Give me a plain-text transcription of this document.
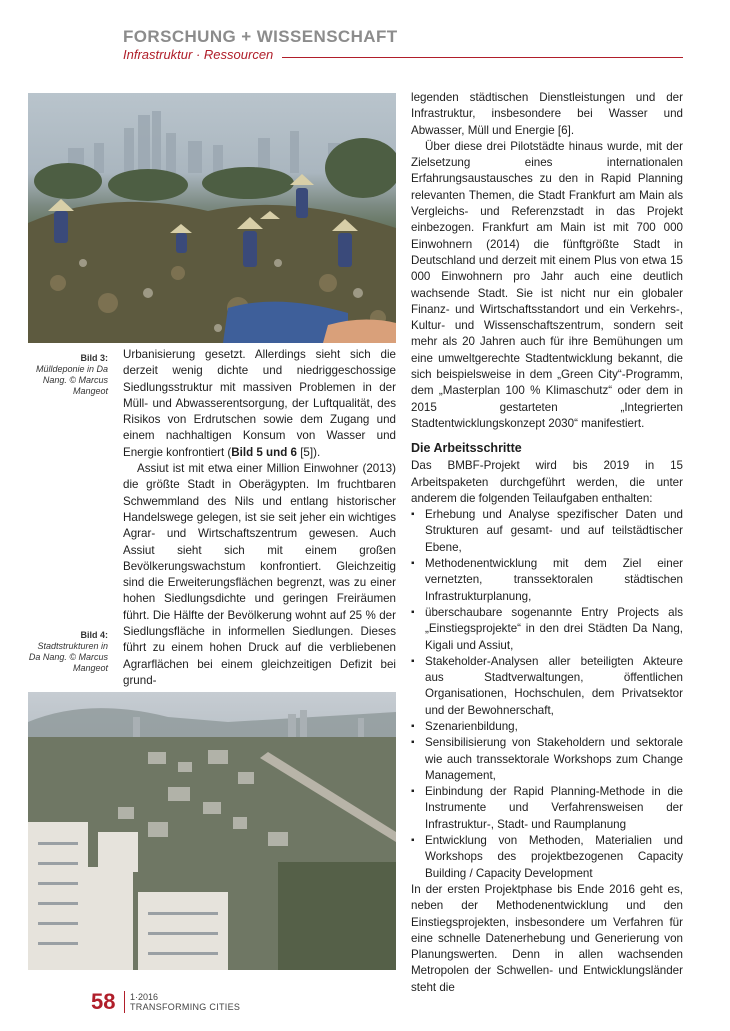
FORSCHUNG + WISSENSCHAFT
Infrastruktur · Ressourcen
Bild 3:
Mülldeponie in Da Nang. © Marcus Mangeot
Bild 4:
Stadtstrukturen in Da Nang. © Marcus Mangeot

Urbanisierung gesetzt. Allerdings sieht sich die derzeit wenig dichte und niedriggeschossige Siedlungsstruktur mit massiven Problemen in der Müll- und Abwasserentsorgung, der Luftqualität, des Risikos von Erdrutschen sowie dem Zugang und einem nachhaltigen Konsum von Wasser und Energie konfrontiert (Bild 5 und 6 [5]).

Assiut ist mit etwa einer Million Einwohner (2013) die größte Stadt in Oberägypten. Im fruchtbaren Schwemmland des Nils und entlang historischer Handelswege gelegen, ist sie seit jeher ein wichtiges Agrar- und Wirtschaftszentrum gewesen. Auch Assiut sieht sich mit einem großen Bevölkerungswachstum konfrontiert. Gleichzeitig sind die Erweiterungsflächen begrenzt, was zu einer hohen Siedlungsdichte und geringen Freiräumen führt. Die Hälfte der Bevölkerung wohnt auf 25 % der Siedlungsfläche in informellen Siedlungen. Dieses führt zu einem hohen Druck auf die verbliebenen Agrarflächen bei einem gleichzeitigen Defizit bei grund-

legenden städtischen Dienstleistungen und der Infrastruktur, insbesondere bei Wasser und Abwasser, Müll und Energie [6].

Über diese drei Pilotstädte hinaus wurde, mit der Zielsetzung eines internationalen Erfahrungsaustausches zu den in Rapid Planning relevanten Themen, die Stadt Frankfurt am Main als Vergleichs- und Referenzstadt in das Projekt einbezogen. Frankfurt am Main ist mit 700 000 Einwohnern (2014) die fünftgrößte Stadt in Deutschland und derzeit mit einem Plus von etwa 15 000 Einwohnern pro Jahr auch eine deutlich wachsende Stadt. Sie ist nicht nur ein globaler Finanz- und Wirtschaftsstandort und ein Verkehrs-, Kultur- und Wissenschaftszentrum, sondern seit mehr als 20 Jahren auch für ihre Bemühungen um eine umweltgerechte Stadtentwicklung bekannt, die sich beispielsweise in dem „Green City“-Programm, dem „Masterplan 100 % Klimaschutz“ oder dem in 2015 gestarteten „Integrierten Stadtentwicklungskonzept 2030“ manifestiert.

Die Arbeitsschritte

Das BMBF-Projekt wird bis 2019 in 15 Arbeitspaketen durchgeführt werden, die unter anderem die folgenden Teilaufgaben enthalten:

▪ Erhebung und Analyse spezifischer Daten und Strukturen auf gesamt- und auf teilstädtischer Ebene,
▪ Methodenentwicklung mit dem Ziel einer vernetzten, transsektoralen städtischen Infrastrukturplanung,
▪ überschaubare sogenannte Entry Projects als „Einstiegsprojekte“ in den drei Städten Da Nang, Kigali und Assiut,
▪ Stakeholder-Analysen aller beteiligten Akteure aus Stadtverwaltungen, öffentlichen Organisationen, Hochschulen, dem Privatsektor und der Bewohnerschaft,
▪ Szenarienbildung,
▪ Sensibilisierung von Stakeholdern und sektorale wie auch transsektorale Workshops zum Change Management,
▪ Einbindung der Rapid Planning-Methode in die Instrumente und Verfahrensweisen der Infrastruktur-, Stadt- und Raumplanung
▪ Entwicklung von Methoden, Materialien und Workshops des projektbezogenen Capacity Building / Capacity Development

In der ersten Projektphase bis Ende 2016 geht es, neben der Methodenentwicklung und den Einstiegsprojekten, insbesondere um Verfahren für eine schnelle Datenerhebung und Generierung von Planungswerten. Denn in allen wachsenden Metropolen der Schwellen- und Entwicklungsländer steht die

58 1·2016
TRANSFORMING CITIES
